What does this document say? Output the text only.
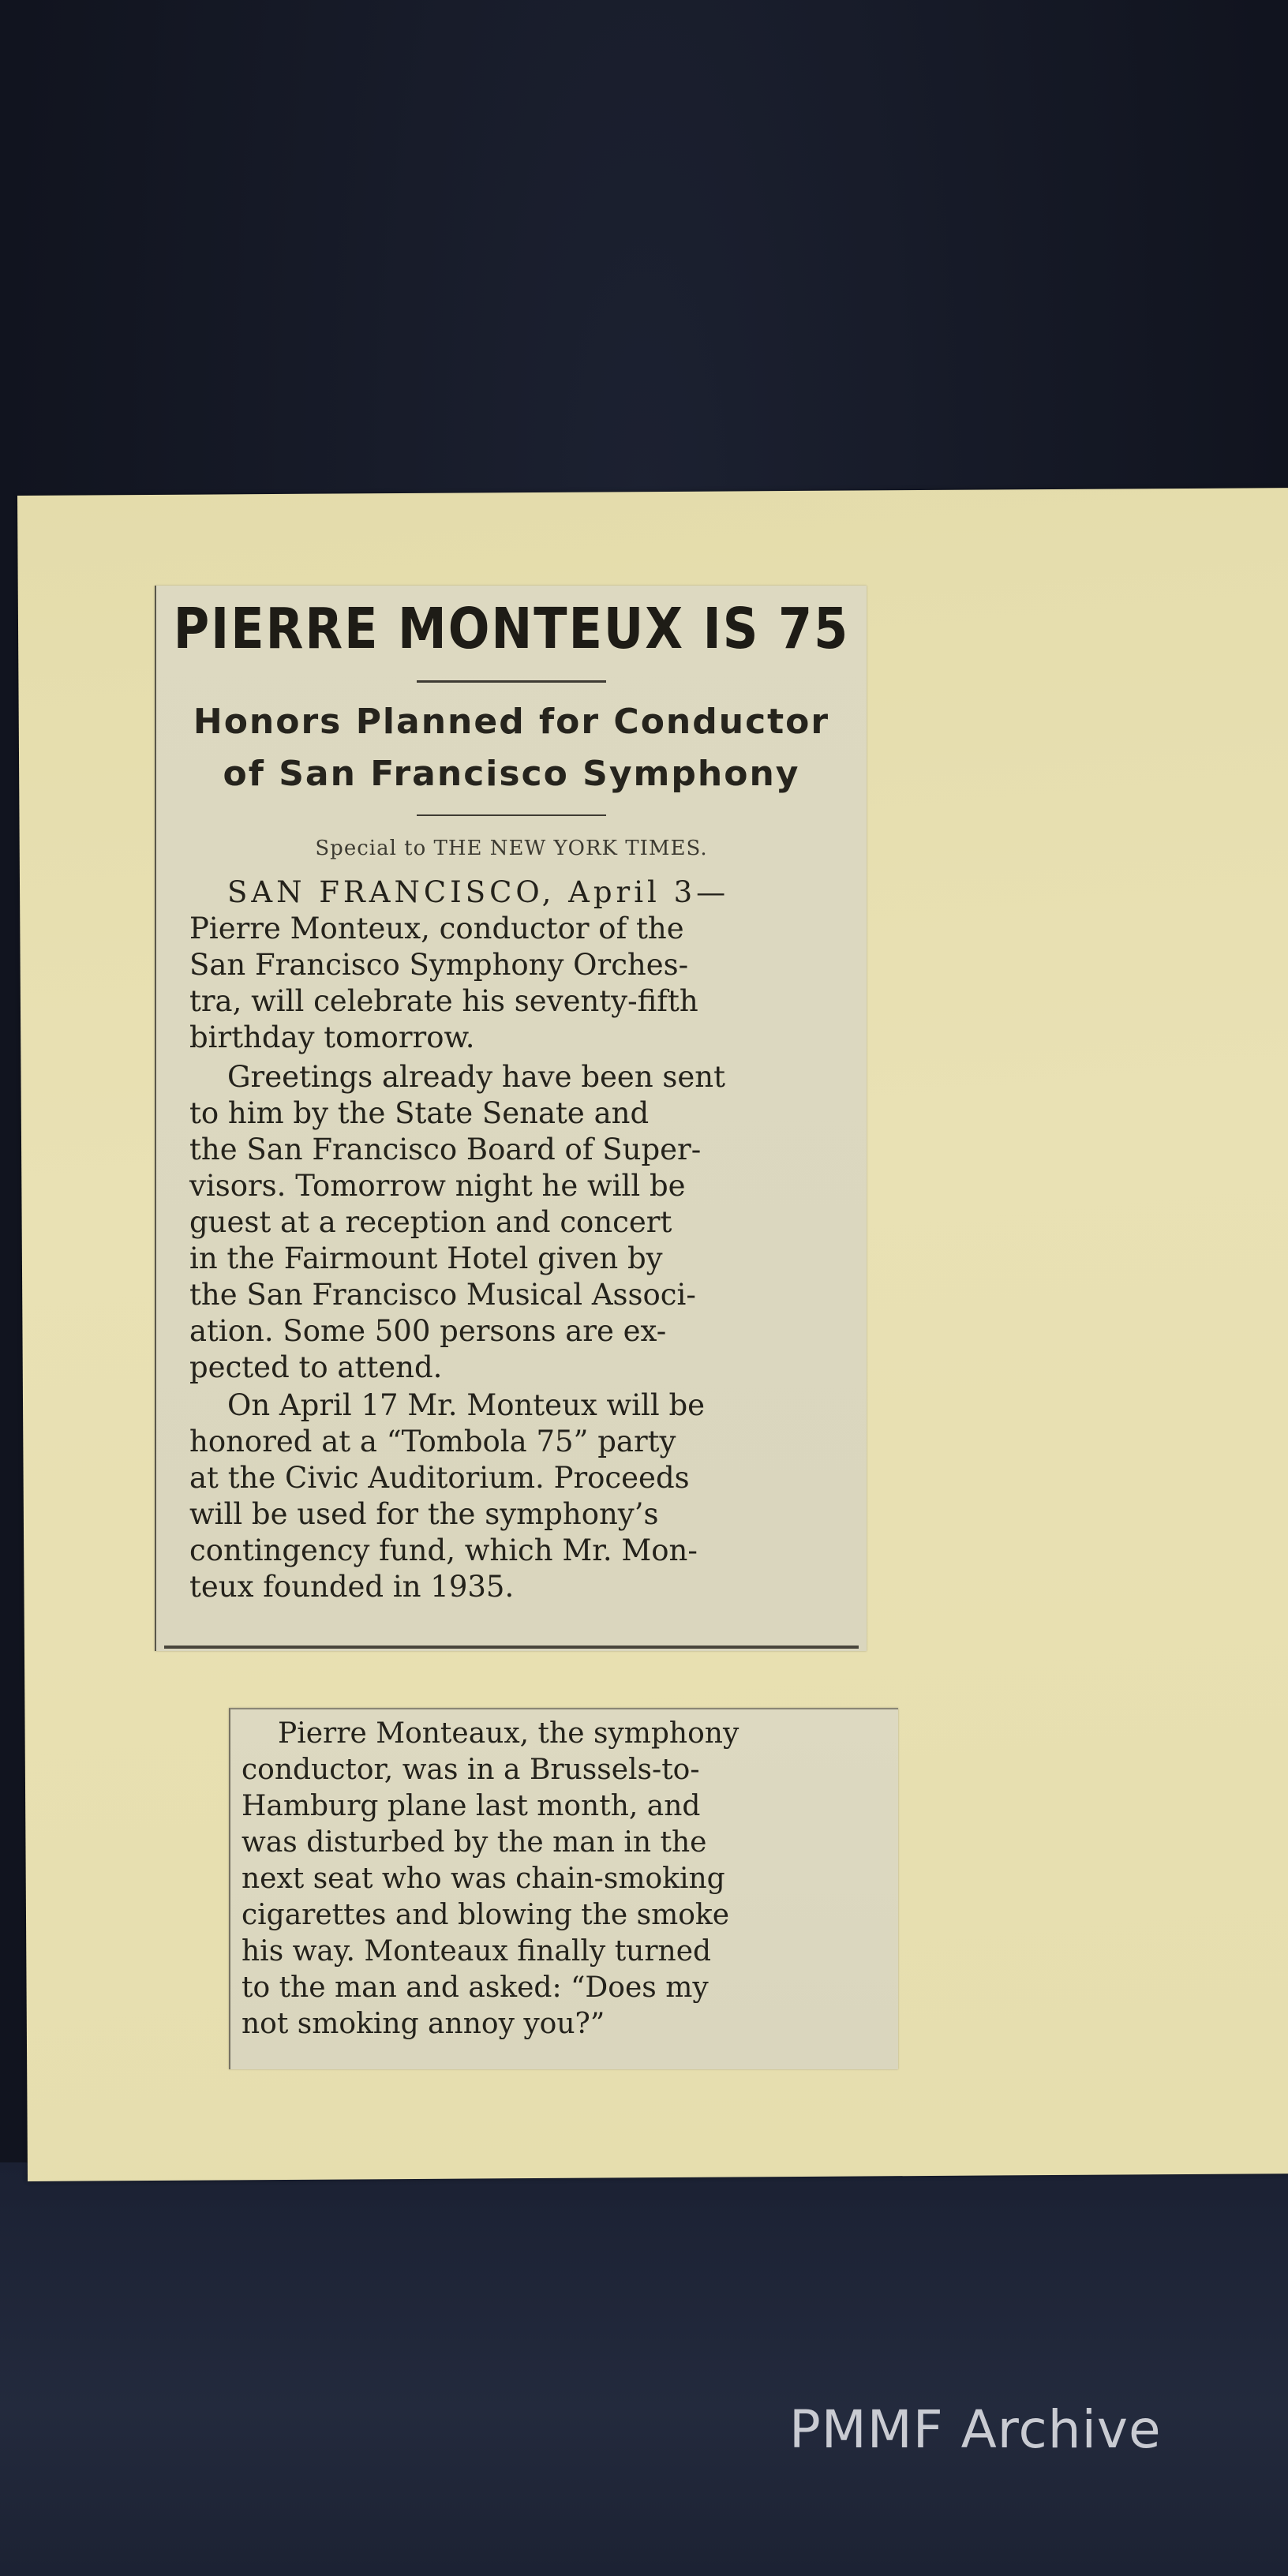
PIERRE MONTEUX IS 75
Honors Planned for Conductor
of San Francisco Symphony
Special to THE NEW YORK TIMES.
SAN FRANCISCO, April 3—
Pierre Monteux, conductor of the
San Francisco Symphony Orches-
tra, will celebrate his seventy-fifth
birthday tomorrow.
Greetings already have been sent
to him by the State Senate and
the San Francisco Board of Super-
visors. Tomorrow night he will be
guest at a reception and concert
in the Fairmount Hotel given by
the San Francisco Musical Associ-
ation. Some 500 persons are ex-
pected to attend.
On April 17 Mr. Monteux will be
honored at a “Tombola 75” party
at the Civic Auditorium. Proceeds
will be used for the symphony’s
contingency fund, which Mr. Mon-
teux founded in 1935.
Pierre Monteaux, the symphony
conductor, was in a Brussels-to-
Hamburg plane last month, and
was disturbed by the man in the
next seat who was chain-smoking
cigarettes and blowing the smoke
his way. Monteaux finally turned
to the man and asked: “Does my
not smoking annoy you?”
PMMF Archive
